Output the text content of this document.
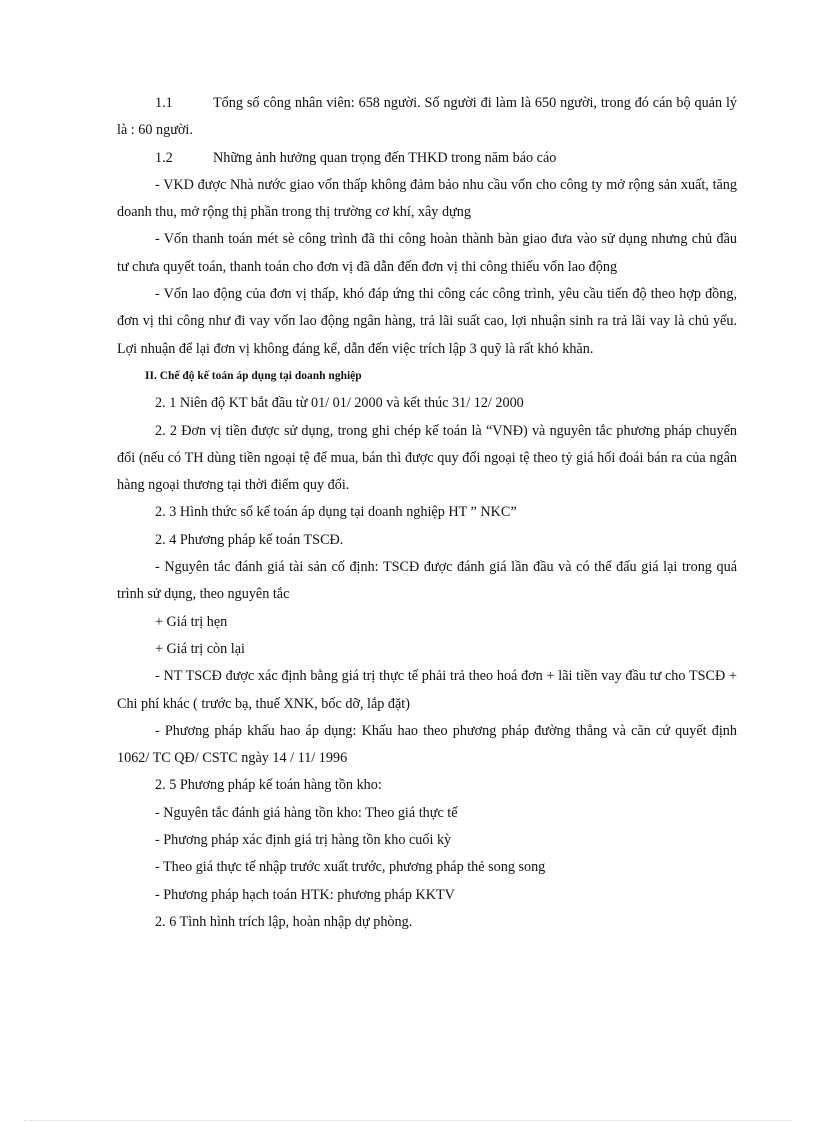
1.1	Tổng số công nhân viên: 658 người. Số người đi làm là 650 người, trong đó cán bộ quản lý là : 60 người.

1.2	Những ảnh hưởng quan trọng đến THKD trong năm báo cáo

- VKD được Nhà nước giao vốn thấp không đảm bảo nhu cầu vốn cho công ty mở rộng sản xuất, tăng doanh thu, mở rộng thị phần trong thị trường cơ khí, xây dựng

- Vốn thanh toán mét sè công trình đã thi công hoàn thành bàn giao đưa vào sử dụng nhưng chủ đầu tư chưa quyết toán, thanh toán cho đơn vị đã dẫn đến đơn vị thi công thiếu vốn lao động

- Vốn lao động của đơn vị thấp, khó đáp ứng thi công các công trình, yêu cầu tiến độ theo hợp đồng, đơn vị thi công như đi vay vốn lao động ngân hàng, trả lãi suất cao, lợi nhuận sinh ra trả lãi vay là chủ yếu. Lợi nhuận để lại đơn vị không đáng kể, dẫn đến việc trích lập 3 quỹ là rất khó khăn.

II. Chế độ kế toán áp dụng tại doanh nghiệp

2. 1 Niên độ KT bắt đầu từ 01/ 01/ 2000 và kết thúc 31/ 12/ 2000

2. 2 Đơn vị tiền được sử dụng, trong ghi chép kế toán là “VNĐ) và nguyên tắc phương pháp chuyển đổi (nếu có TH dùng tiền ngoại tệ để mua, bán thì được quy đổi ngoại tệ theo tỷ giá hối đoái bán ra của ngân hàng ngoại thương tại thời điểm quy đổi.

2. 3 Hình thức sổ kế toán áp dụng tại doanh nghiệp HT ” NKC”

2. 4 Phương pháp kế toán TSCĐ.

- Nguyên tắc đánh giá tài sản cố định: TSCĐ được đánh giá lần đầu và có thể đấu giá lại trong quá trình sử dụng, theo nguyên tắc

+ Giá trị hẹn

+ Giá trị còn lại

- NT TSCĐ được xác định bằng giá trị thực tế phải trả theo hoá đơn + lãi tiền vay đầu tư cho TSCĐ + Chi phí khác ( trước bạ, thuế XNK, bốc dỡ, lắp đặt)

- Phương pháp khấu hao áp dụng: Khấu hao theo phương pháp đường thẳng và căn cứ quyết định 1062/ TC QĐ/ CSTC ngày 14 / 11/ 1996

2. 5 Phương pháp kế toán hàng tồn kho:

- Nguyên tắc đánh giá hàng tồn kho: Theo giá thực tế

- Phương pháp xác định giá trị hàng tồn kho cuối kỳ

- Theo giá thực tế nhập trước xuất trước, phương pháp thẻ song song

- Phương pháp hạch toán HTK: phương pháp KKTV

2. 6 Tình hình trích lập, hoàn nhập dự phòng.
